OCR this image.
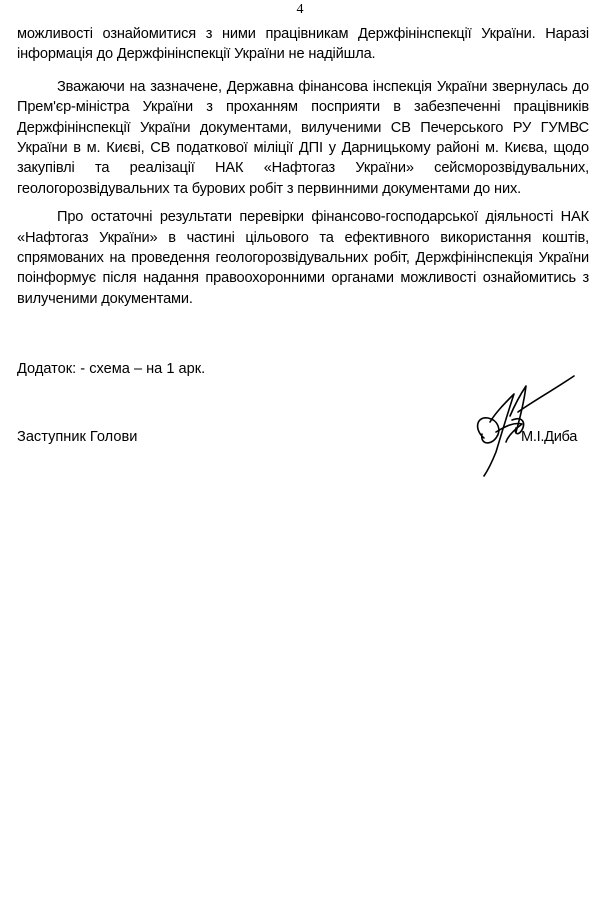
4

можливості ознайомитися з ними працівникам Держфінінспекції України. Наразі інформація до Держфінінспекції України не надійшла.

Зважаючи на зазначене, Державна фінансова інспекція України звернулась до Прем'єр-міністра України з проханням посприяти в забезпеченні працівників Держфінінспекції України документами, вилученими СВ Печерського РУ ГУМВС України в м. Києві, СВ податкової міліції ДПІ у Дарницькому районі м. Києва, щодо закупівлі та реалізації НАК «Нафтогаз України» сейсморозвідувальних, геологорозвідувальних та бурових робіт з первинними документами до них.

Про остаточні результати перевірки фінансово-господарської діяльності НАК «Нафтогаз України» в частині цільового та ефективного використання коштів, спрямованих на проведення геологорозвідувальних робіт, Держфінінспекція України поінформує після надання правоохоронними органами можливості ознайомитись з вилученими документами.

Додаток: - схема – на 1 арк.
Заступник Голови	М.І.Диба
